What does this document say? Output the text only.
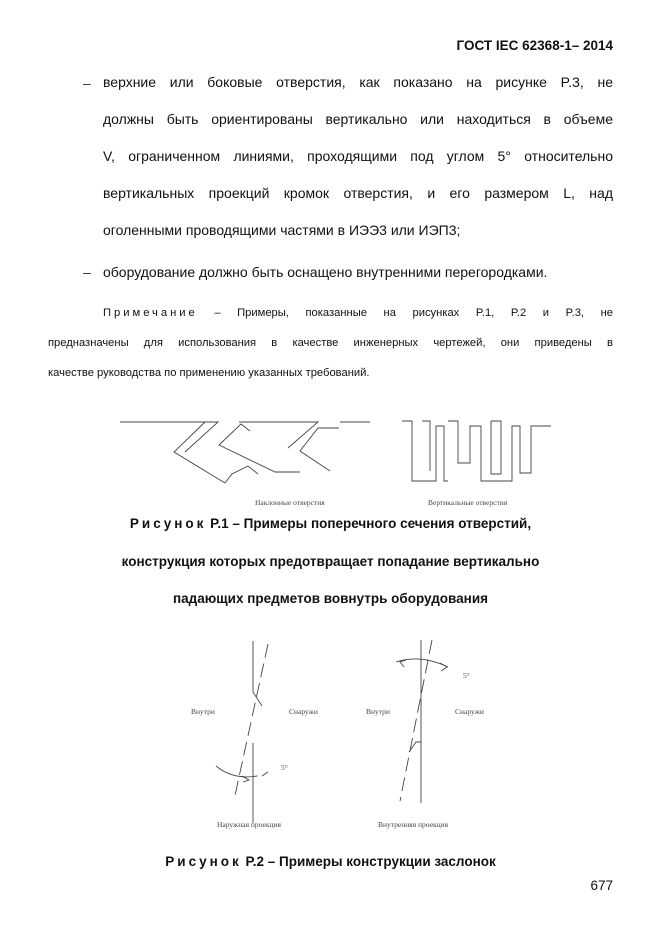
ГОСТ IEC 62368-1– 2014
– верхние или боковые отверстия, как показано на рисунке P.3, не
должны быть ориентированы вертикально или находиться в объеме
V, ограниченном линиями, проходящими под углом 5° относительно
вертикальных проекций кромок отверстия, и его размером L, над
оголенными проводящими частями в ИЭЭ3 или ИЭП3;
– оборудование должно быть оснащено внутренними перегородками.
Примечание – Примеры, показанные на рисунках P.1, P.2 и P.3, не
предназначены для использования в качестве инженерных чертежей, они приведены в
качестве руководства по применению указанных требований.
Наклонные отверстия	Вертикальные отверстия
Рисунок P.1 – Примеры поперечного сечения отверстий,
конструкция которых предотвращает попадание вертикально
падающих предметов вовнутрь оборудования
Внутри	Снаружи
5°
Наружная проекция
Внутри	Снаружи
5°
Внутренняя проекция
Рисунок P.2 – Примеры конструкции заслонок
677
